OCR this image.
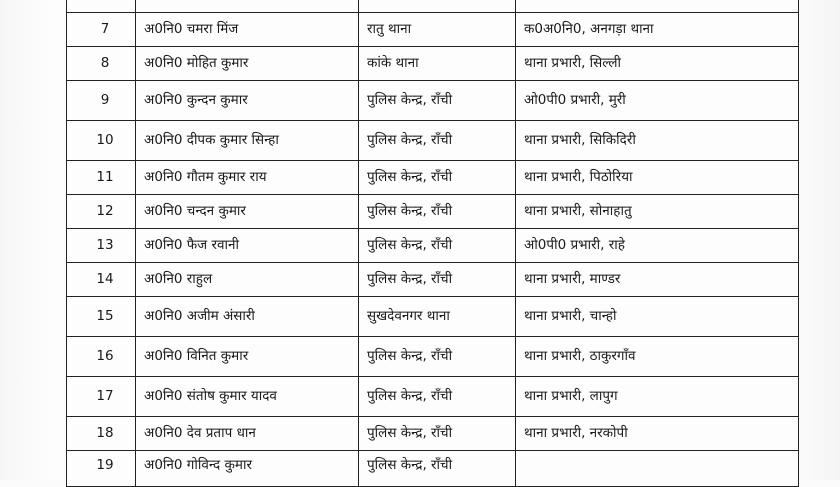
7	अ0नि0 चमरा मिंज	रातु थाना	क0अ0नि0, अनगड़ा थाना
8	अ0नि0 मोहित कुमार	कांके थाना	थाना प्रभारी, सिल्ली
9	अ0नि0 कुन्दन कुमार	पुलिस केन्द्र, राँची	ओ0पी0 प्रभारी, मुरी
10	अ0नि0 दीपक कुमार सिन्हा	पुलिस केन्द्र, राँची	थाना प्रभारी, सिकिदिरी
11	अ0नि0 गौतम कुमार राय	पुलिस केन्द्र, राँची	थाना प्रभारी, पिठोरिया
12	अ0नि0 चन्दन कुमार	पुलिस केन्द्र, राँची	थाना प्रभारी, सोनाहातु
13	अ0नि0 फैज रवानी	पुलिस केन्द्र, राँची	ओ0पी0 प्रभारी, राहे
14	अ0नि0 राहुल	पुलिस केन्द्र, राँची	थाना प्रभारी, माण्डर
15	अ0नि0 अजीम अंसारी	सुखदेवनगर थाना	थाना प्रभारी, चान्हो
16	अ0नि0 विनित कुमार	पुलिस केन्द्र, राँची	थाना प्रभारी, ठाकुरगाँव
17	अ0नि0 संतोष कुमार यादव	पुलिस केन्द्र, राँची	थाना प्रभारी, लापुग
18	अ0नि0 देव प्रताप धान	पुलिस केन्द्र, राँची	थाना प्रभारी, नरकोपी
19	अ0नि0 गोविन्द कुमार	पुलिस केन्द्र, राँची	
